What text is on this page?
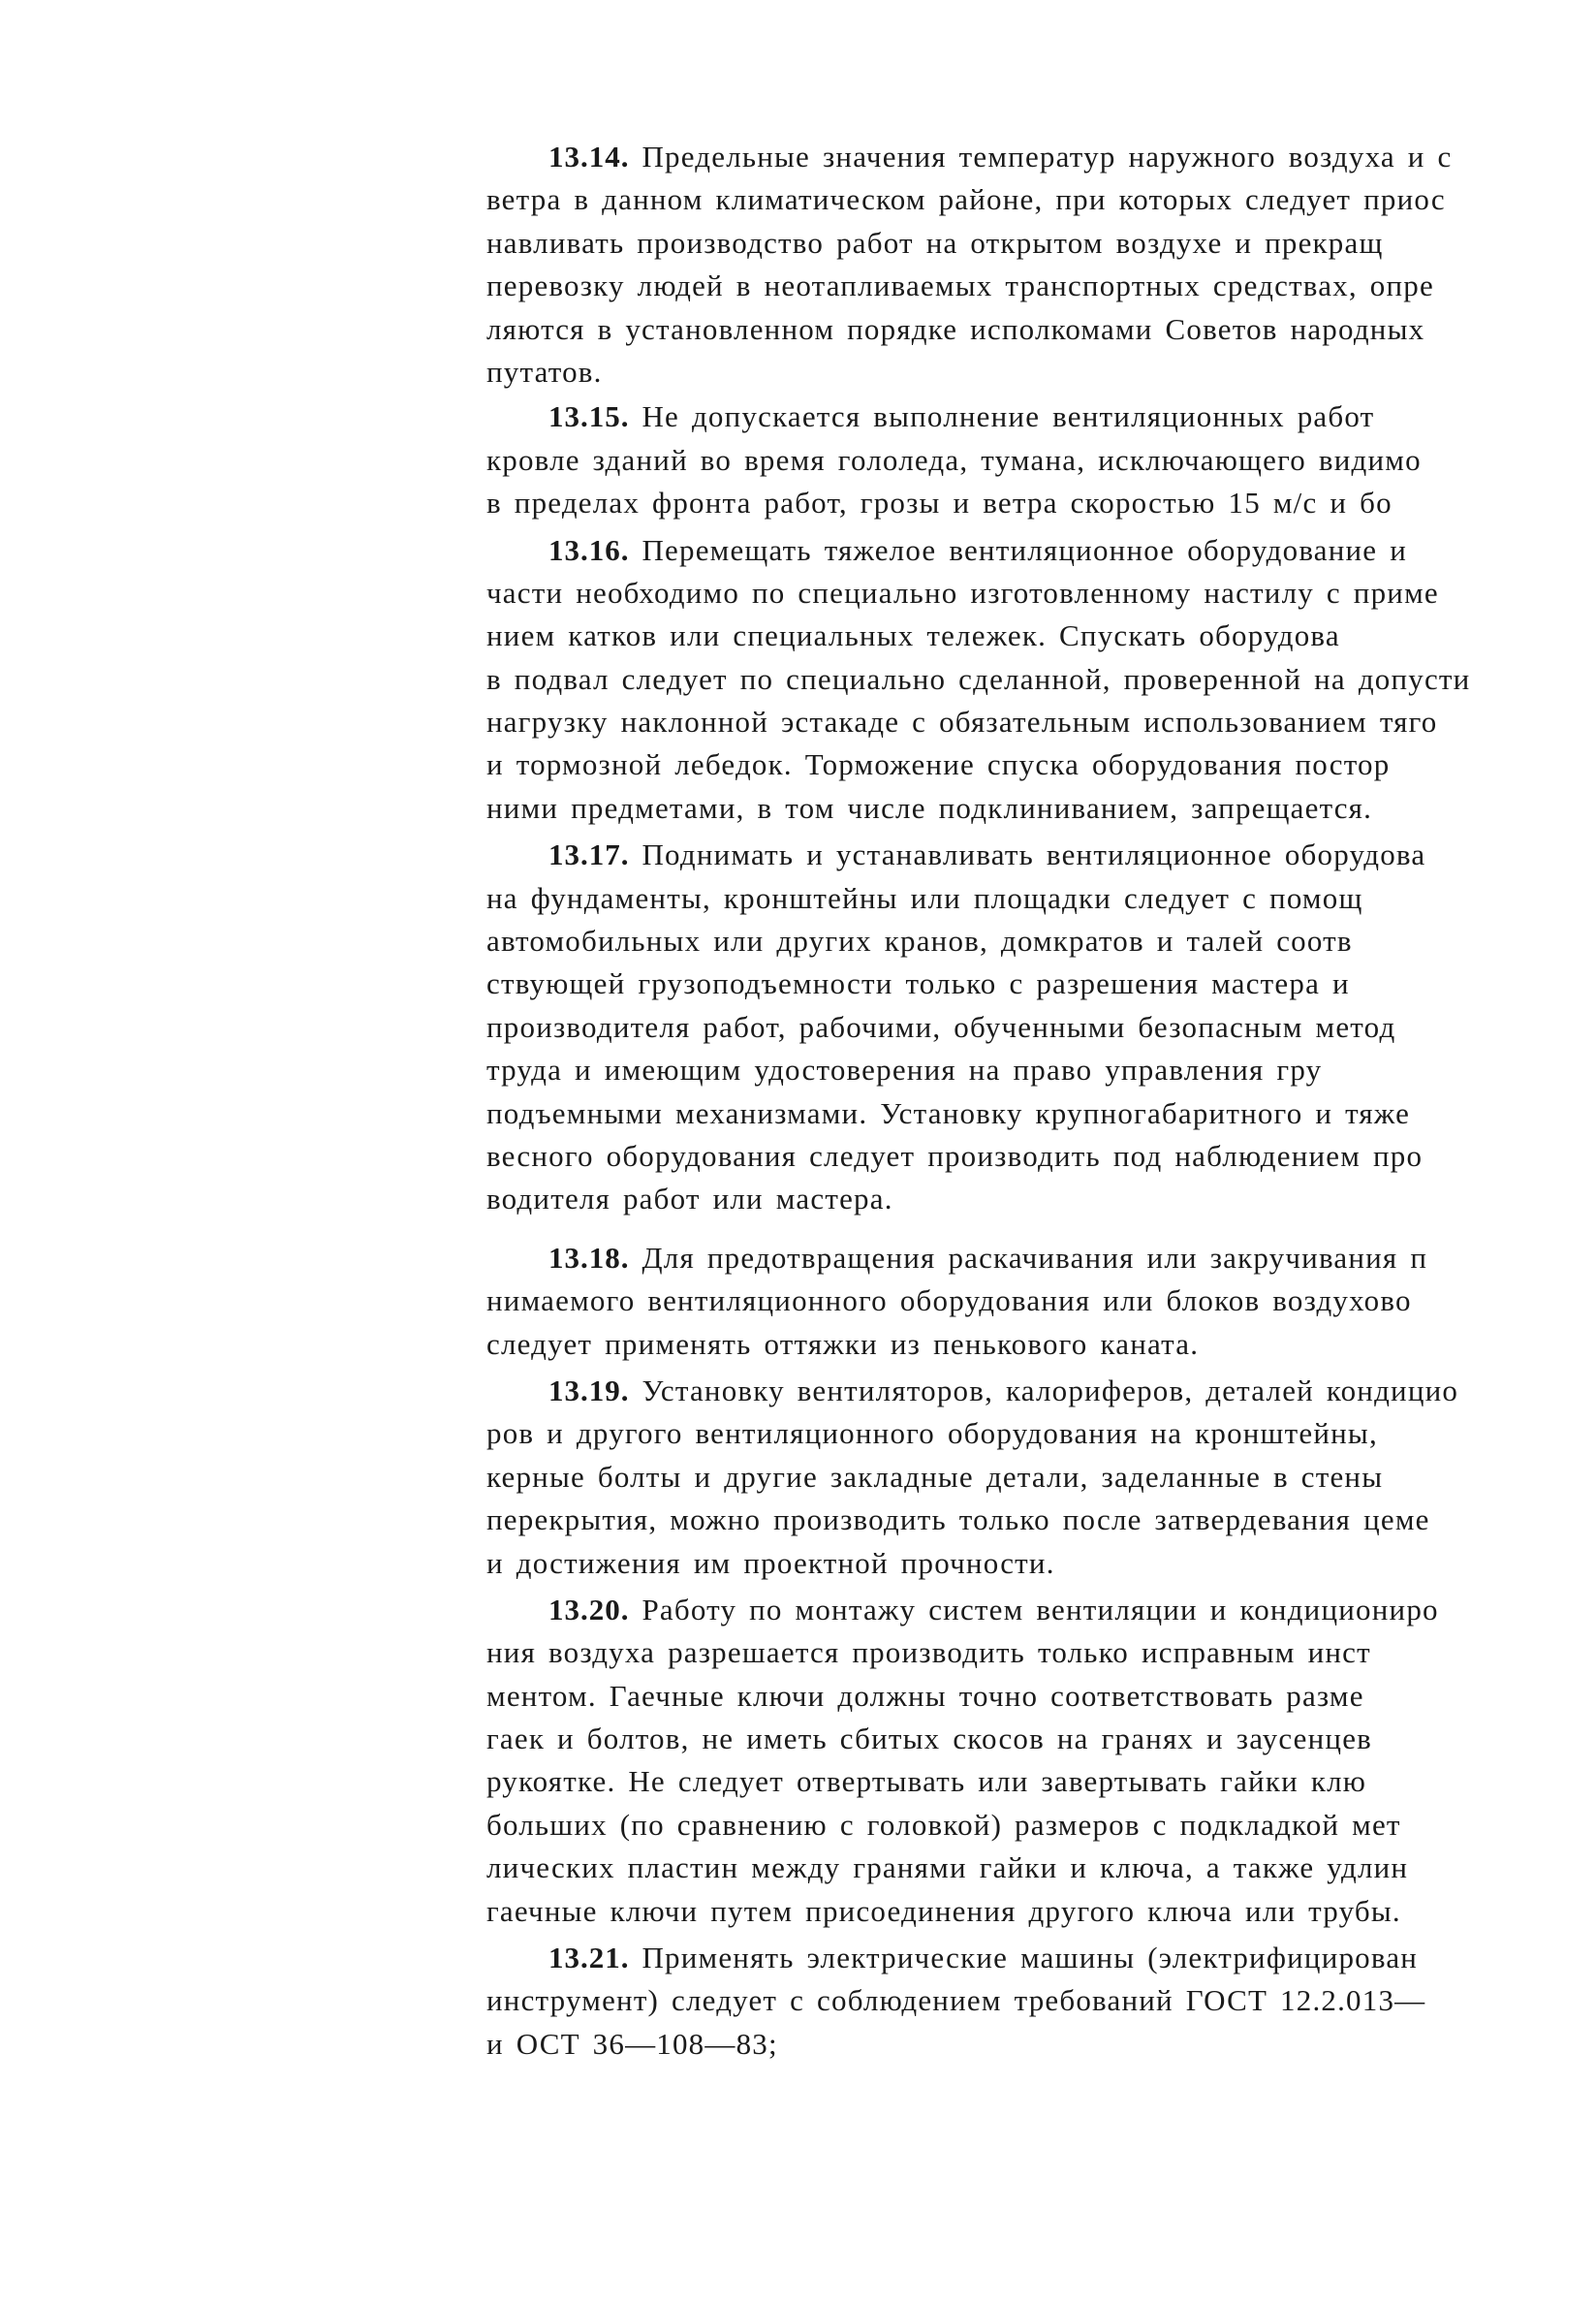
13.14. Предельные значения температур наружного воздуха и с
ветра в данном климатическом районе, при которых следует приос
навливать производство работ на открытом воздухе и прекращ
перевозку людей в неотапливаемых транспортных средствах, опре
ляются в установленном порядке исполкомами Советов народных
путатов.
13.15. Не допускается выполнение вентиляционных работ
кровле зданий во время гололеда, тумана, исключающего видимо
в пределах фронта работ, грозы и ветра скоростью 15 м/с и бо
13.16. Перемещать тяжелое вентиляционное оборудование и
части необходимо по специально изготовленному настилу с приме
нием катков или специальных тележек. Спускать оборудова
в подвал следует по специально сделанной, проверенной на допусти
нагрузку наклонной эстакаде с обязательным использованием тяго
и тормозной лебедок. Торможение спуска оборудования постор
ними предметами, в том числе подклиниванием, запрещается.
13.17. Поднимать и устанавливать вентиляционное оборудова
на фундаменты, кронштейны или площадки следует с помощ
автомобильных или других кранов, домкратов и талей соотв
ствующей грузоподъемности только с разрешения мастера и
производителя работ, рабочими, обученными безопасным метод
труда и имеющим удостоверения на право управления гру
подъемными механизмами. Установку крупногабаритного и тяже
весного оборудования следует производить под наблюдением про
водителя работ или мастера.
13.18. Для предотвращения раскачивания или закручивания п
нимаемого вентиляционного оборудования или блоков воздухово
следует применять оттяжки из пенькового каната.
13.19. Установку вентиляторов, калориферов, деталей кондицио
ров и другого вентиляционного оборудования на кронштейны,
керные болты и другие закладные детали, заделанные в стены
перекрытия, можно производить только после затвердевания цеме
и достижения им проектной прочности.
13.20. Работу по монтажу систем вентиляции и кондициониро
ния воздуха разрешается производить только исправным инст
ментом. Гаечные ключи должны точно соответствовать разме
гаек и болтов, не иметь сбитых скосов на гранях и заусенцев
рукоятке. Не следует отвертывать или завертывать гайки клю
больших (по сравнению с головкой) размеров с подкладкой мет
лических пластин между гранями гайки и ключа, а также удлин
гаечные ключи путем присоединения другого ключа или трубы.
13.21. Применять электрические машины (электрифицирован
инструмент) следует с соблюдением требований ГОСТ 12.2.013—
и ОСТ 36—108—83;
